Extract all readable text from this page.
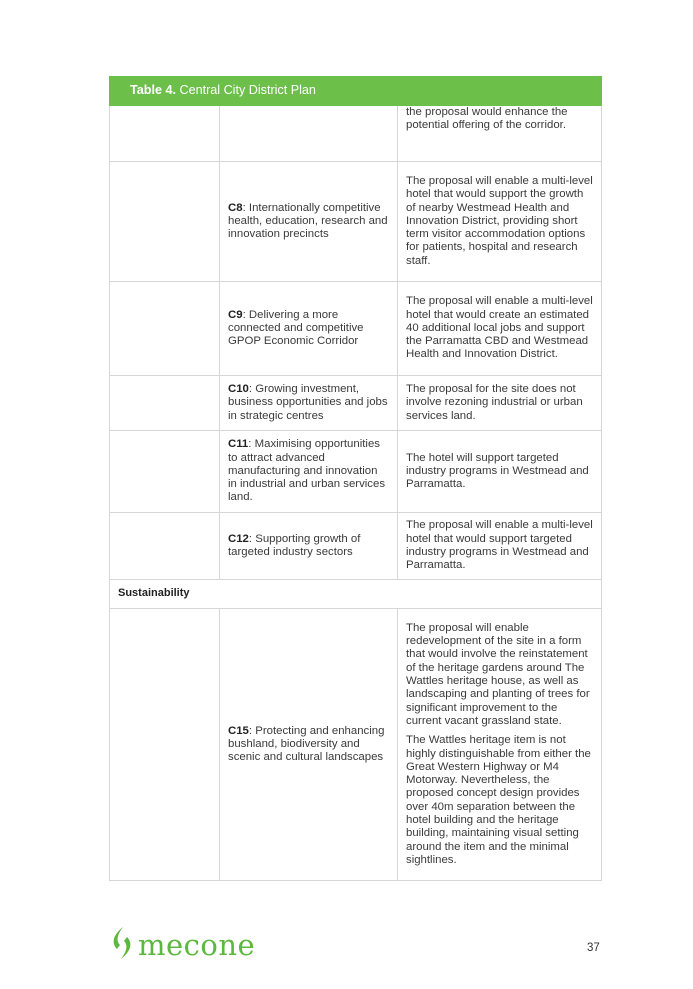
Table 4. Central City District Plan		
		the proposal would enhance the potential offering of the corridor.
	C8: Internationally competitive health, education, research and innovation precincts	The proposal will enable a multi-level hotel that would support the growth of nearby Westmead Health and Innovation District, providing short term visitor accommodation options for patients, hospital and research staff.
	C9: Delivering a more connected and competitive GPOP Economic Corridor	The proposal will enable a multi-level hotel that would create an estimated 40 additional local jobs and support the Parramatta CBD and Westmead Health and Innovation District.
	C10: Growing investment, business opportunities and jobs in strategic centres	The proposal for the site does not involve rezoning industrial or urban services land.
	C11: Maximising opportunities to attract advanced manufacturing and innovation in industrial and urban services land.	The hotel will support targeted industry programs in Westmead and Parramatta.
	C12: Supporting growth of targeted industry sectors	The proposal will enable a multi-level hotel that would support targeted industry programs in Westmead and Parramatta.
Sustainability		
	C15: Protecting and enhancing bushland, biodiversity and scenic and cultural landscapes	The proposal will enable redevelopment of the site in a form that would involve the reinstatement of the heritage gardens around The Wattles heritage house, as well as landscaping and planting of trees for significant improvement to the current vacant grassland state.

The Wattles heritage item is not highly distinguishable from either the Great Western Highway or M4 Motorway. Nevertheless, the proposed concept design provides over 40m separation between the hotel building and the heritage building, maintaining visual setting around the item and the minimal sightlines.

mecone	37
